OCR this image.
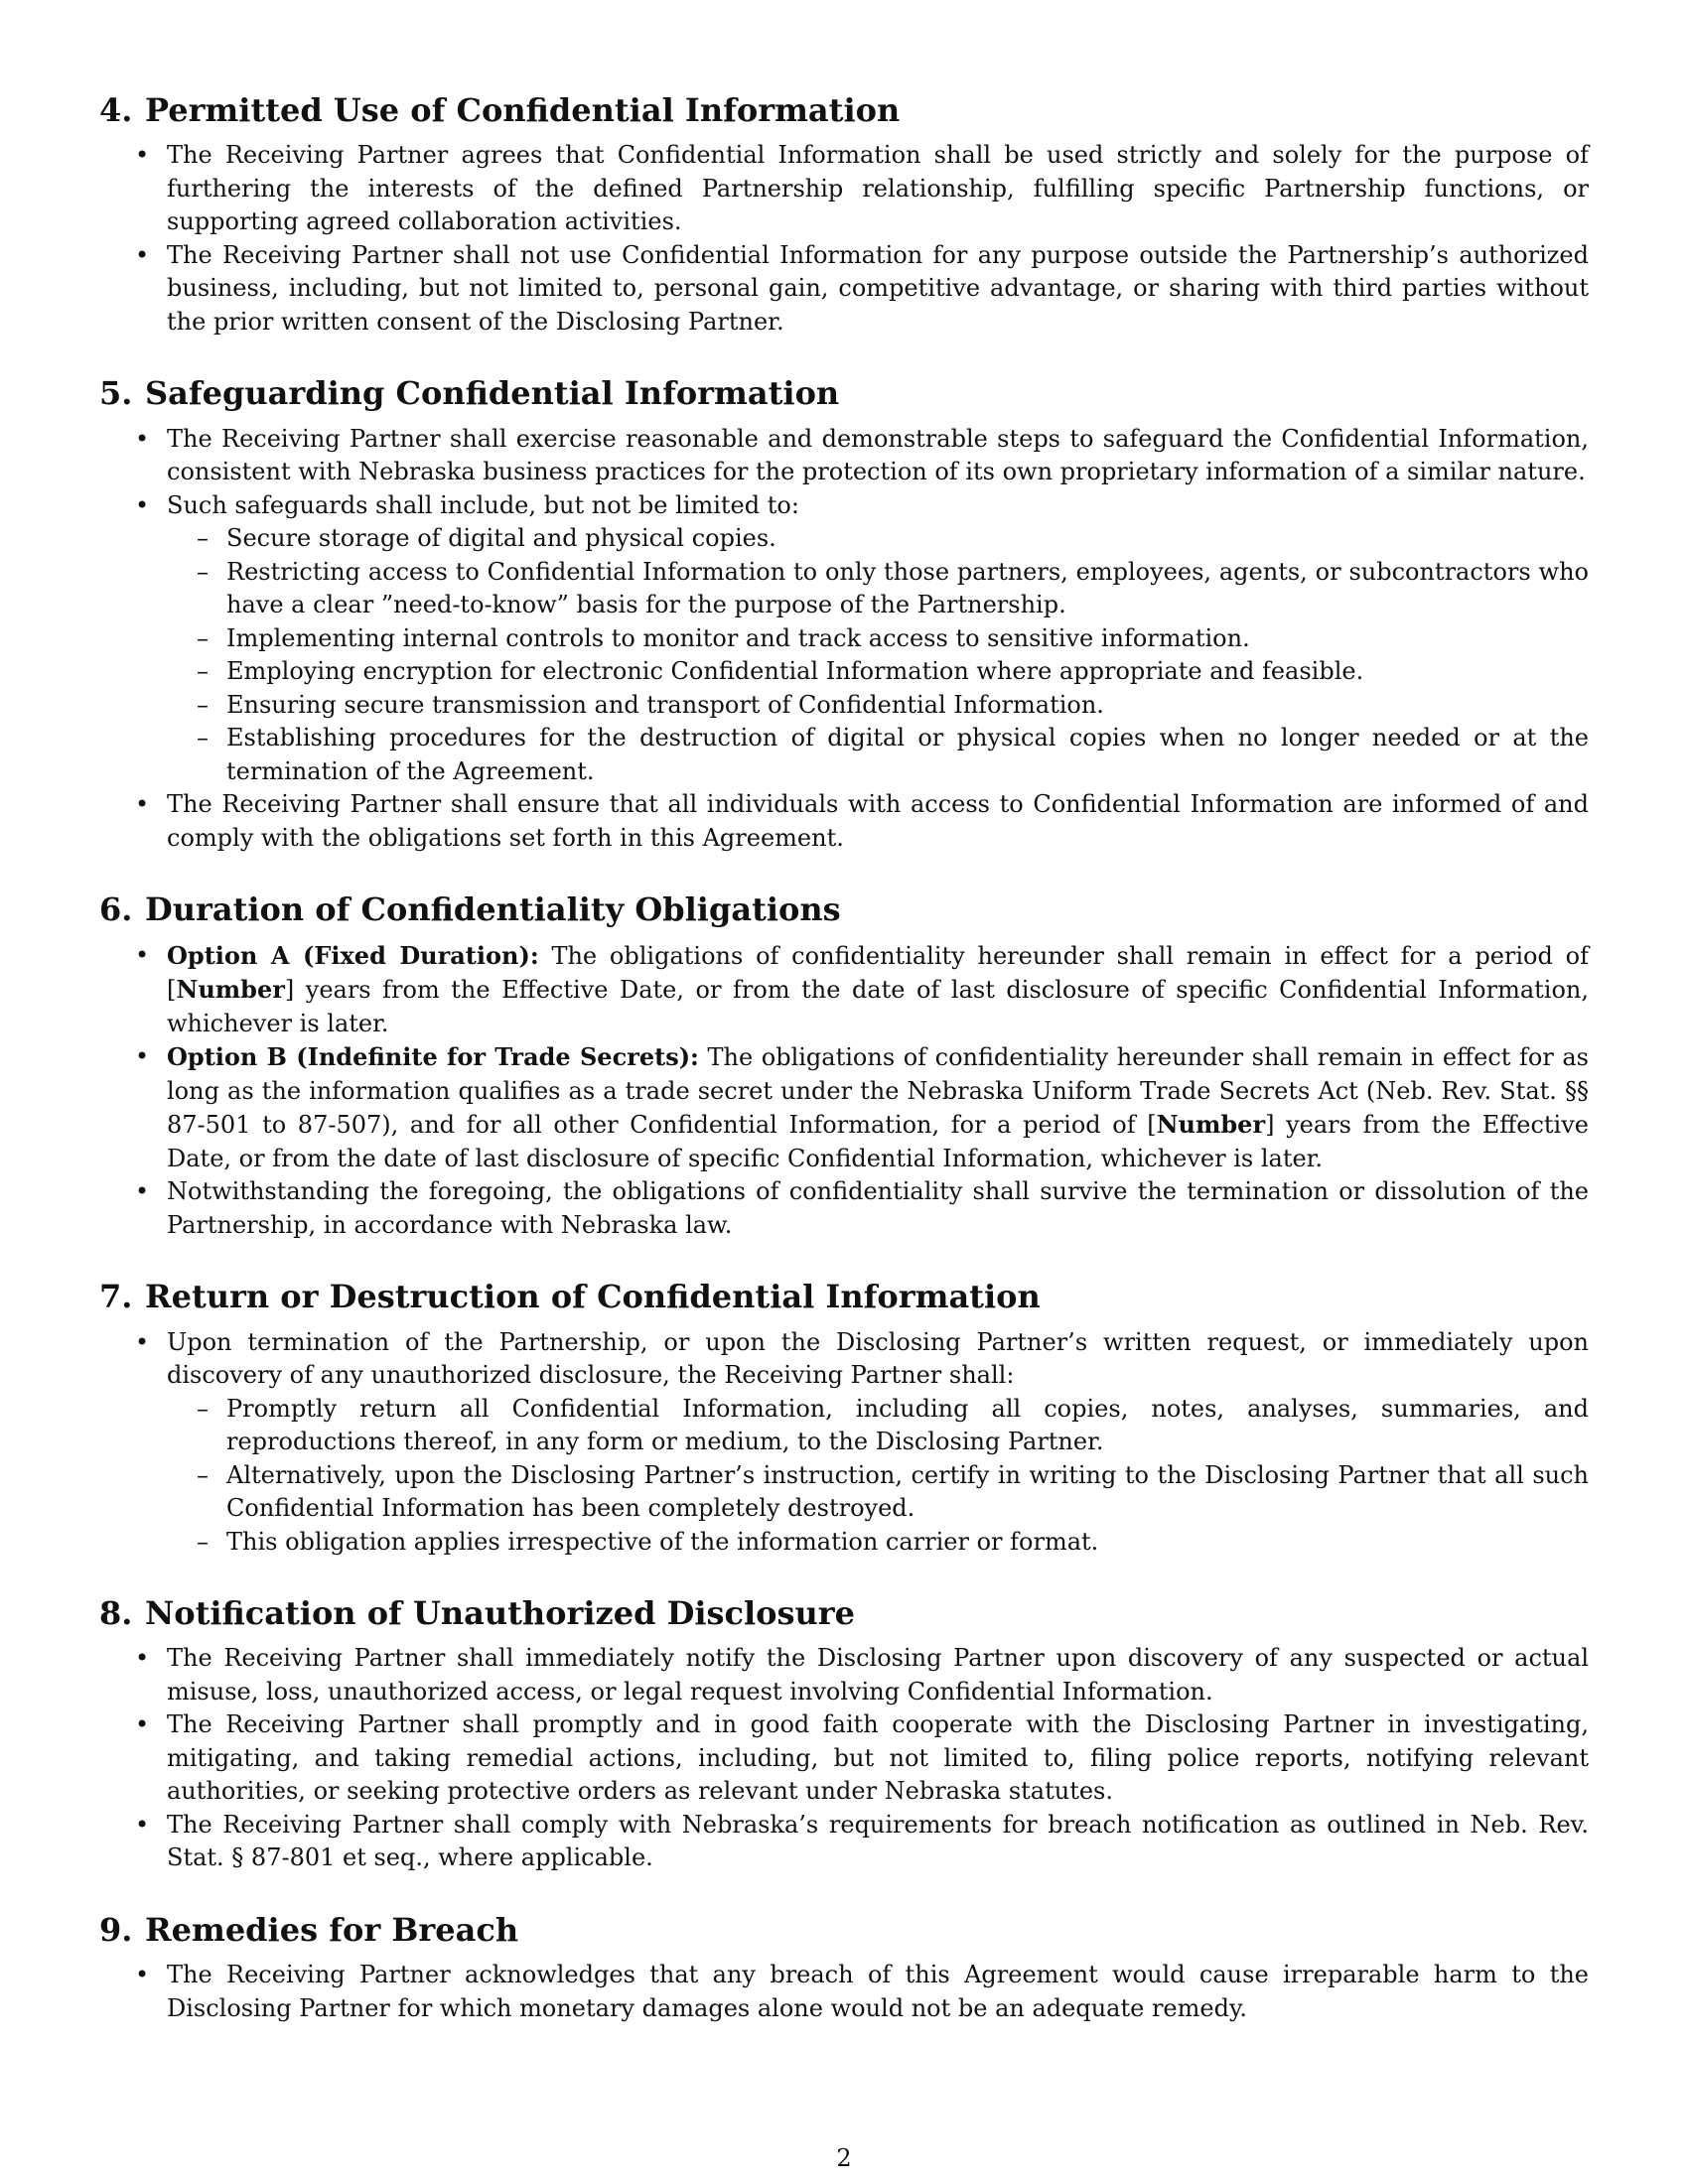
4. Permitted Use of Confidential Information
• The Receiving Partner agrees that Confidential Information shall be used strictly and solely for the purpose of furthering the interests of the defined Partnership relationship, fulfilling specific Partnership functions, or supporting agreed collaboration activities.
• The Receiving Partner shall not use Confidential Information for any purpose outside the Partnership’s authorized business, including, but not limited to, personal gain, competitive advantage, or sharing with third parties without the prior written consent of the Disclosing Partner.
5. Safeguarding Confidential Information
• The Receiving Partner shall exercise reasonable and demonstrable steps to safeguard the Confidential Information, consistent with Nebraska business practices for the protection of its own proprietary information of a similar nature.
• Such safeguards shall include, but not be limited to:
– Secure storage of digital and physical copies.
– Restricting access to Confidential Information to only those partners, employees, agents, or subcontractors who have a clear ”need-to-know” basis for the purpose of the Partnership.
– Implementing internal controls to monitor and track access to sensitive information.
– Employing encryption for electronic Confidential Information where appropriate and feasible.
– Ensuring secure transmission and transport of Confidential Information.
– Establishing procedures for the destruction of digital or physical copies when no longer needed or at the termination of the Agreement.
• The Receiving Partner shall ensure that all individuals with access to Confidential Information are informed of and comply with the obligations set forth in this Agreement.
6. Duration of Confidentiality Obligations
• Option A (Fixed Duration): The obligations of confidentiality hereunder shall remain in effect for a period of [Number] years from the Effective Date, or from the date of last disclosure of specific Confidential Information, whichever is later.
• Option B (Indefinite for Trade Secrets): The obligations of confidentiality hereunder shall remain in effect for as long as the information qualifies as a trade secret under the Nebraska Uniform Trade Secrets Act (Neb. Rev. Stat. §§ 87-501 to 87-507), and for all other Confidential Information, for a period of [Number] years from the Effective Date, or from the date of last disclosure of specific Confidential Information, whichever is later.
• Notwithstanding the foregoing, the obligations of confidentiality shall survive the termination or dissolution of the Partnership, in accordance with Nebraska law.
7. Return or Destruction of Confidential Information
• Upon termination of the Partnership, or upon the Disclosing Partner’s written request, or immediately upon discovery of any unauthorized disclosure, the Receiving Partner shall:
– Promptly return all Confidential Information, including all copies, notes, analyses, summaries, and reproductions thereof, in any form or medium, to the Disclosing Partner.
– Alternatively, upon the Disclosing Partner’s instruction, certify in writing to the Disclosing Partner that all such Confidential Information has been completely destroyed.
– This obligation applies irrespective of the information carrier or format.
8. Notification of Unauthorized Disclosure
• The Receiving Partner shall immediately notify the Disclosing Partner upon discovery of any suspected or actual misuse, loss, unauthorized access, or legal request involving Confidential Information.
• The Receiving Partner shall promptly and in good faith cooperate with the Disclosing Partner in investigating, mitigating, and taking remedial actions, including, but not limited to, filing police reports, notifying relevant authorities, or seeking protective orders as relevant under Nebraska statutes.
• The Receiving Partner shall comply with Nebraska’s requirements for breach notification as outlined in Neb. Rev. Stat. § 87-801 et seq., where applicable.
9. Remedies for Breach
• The Receiving Partner acknowledges that any breach of this Agreement would cause irreparable harm to the Disclosing Partner for which monetary damages alone would not be an adequate remedy.
2
